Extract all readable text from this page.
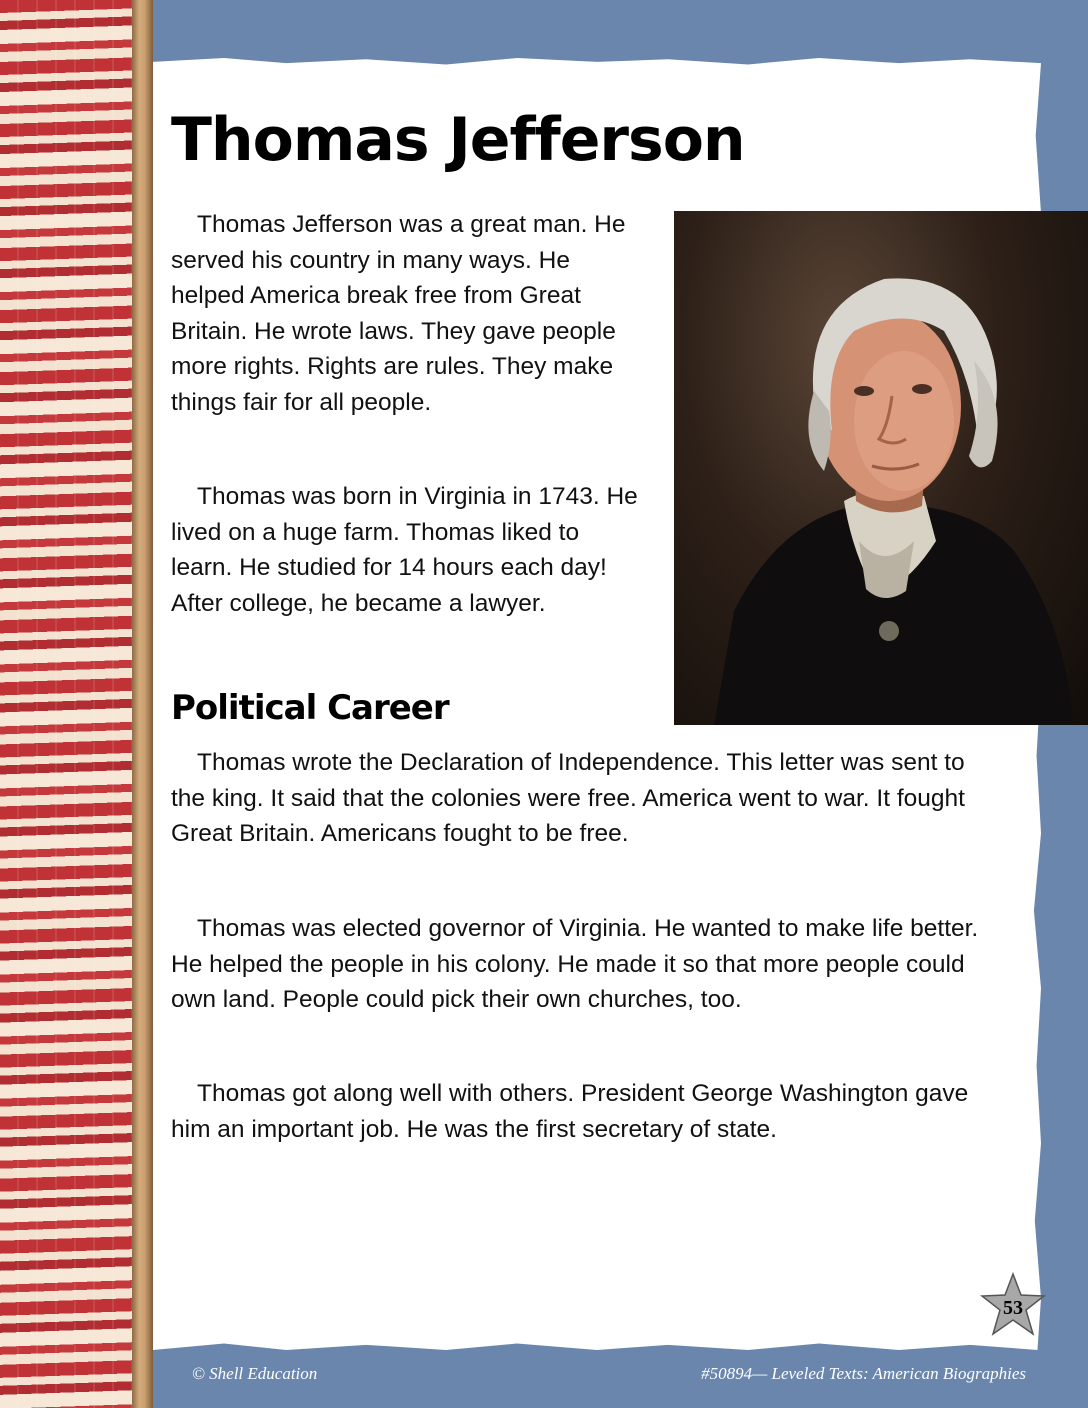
Thomas Jefferson

Thomas Jefferson was a great man. He served his country in many ways. He helped America break free from Great Britain. He wrote laws. They gave people more rights. Rights are rules. They make things fair for all people.

Thomas was born in Virginia in 1743. He lived on a huge farm. Thomas liked to learn. He studied for 14 hours each day! After college, he became a lawyer.

Political Career

Thomas wrote the Declaration of Independence. This letter was sent to the king. It said that the colonies were free. America went to war. It fought Great Britain. Americans fought to be free.

Thomas was elected governor of Virginia. He wanted to make life better. He helped the people in his colony. He made it so that more people could own land. People could pick their own churches, too.

Thomas got along well with others. President George Washington gave him an important job. He was the first secretary of state.

53
© Shell Education	#50894— Leveled Texts: American Biographies
